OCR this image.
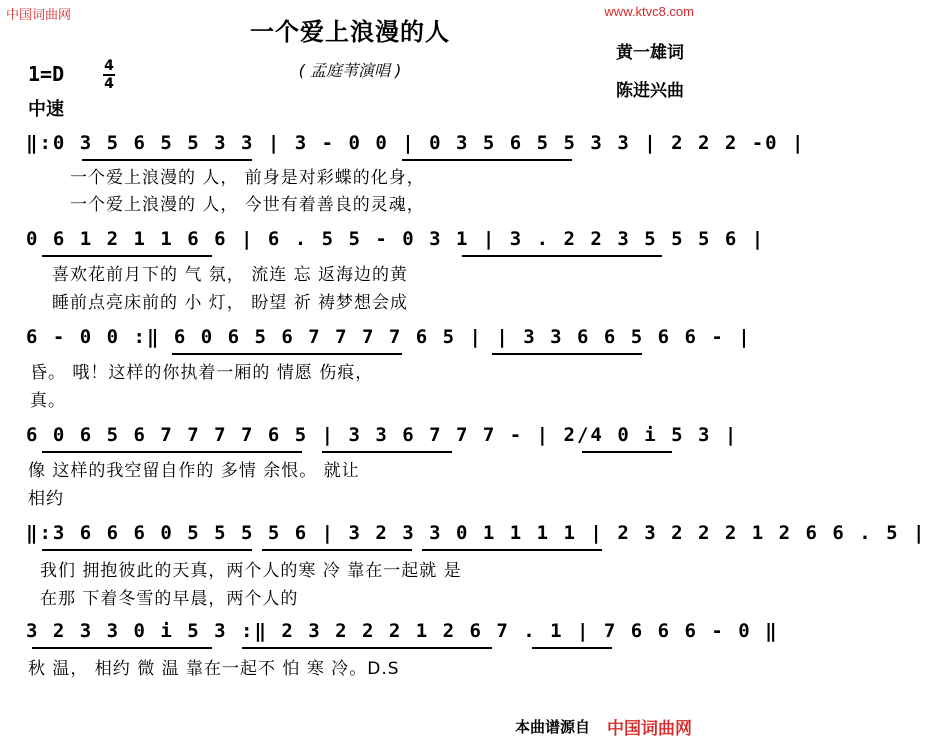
中国词曲网	www.ktvc8.com
一个爱上浪漫的人
( 孟庭苇演唱 )
黄一雄词
陈进兴曲
1=D	4
4
中速
‖:0 3 5 6 5 5 3 3 | 3 - 0 0 | 0 3 5 6 5 5 3 3 | 2 2 2 -0 |
一个爱上浪漫的 人， 前身是对彩蝶的化身，
一个爱上浪漫的 人， 今世有着善良的灵魂，
0 6 1 2 1 1 6 6 | 6 . 5 5 - 0 3 1 | 3 . 2 2 3 5 5 5 6 |
喜欢花前月下的 气 氛， 流连 忘 返海边的黄
睡前点亮床前的 小 灯， 盼望 祈 祷梦想会成
6 - 0 0 :‖ 6 0 6 5 6 7 7 7 7 6 5 | | 3 3 6 6 5 6 6 - |
昏。 哦！这样的你执着一厢的 情愿 伤痕，
真。
6 0 6 5 6 7 7 7 7 6 5 | 3 3 6 7 7 7 - | 2/4 0 i 5 3 |
像 这样的我空留自作的 多情 余恨。 就让
相约
‖:3 6 6 6 0 5 5 5 5 6 | 3 2 3 3 0 1 1 1 1 | 2 3 2 2 2 1 2 6 6 . 5 |
我们 拥抱彼此的天真，两个人的寒 冷 靠在一起就 是
在那 下着冬雪的早晨，两个人的
3 2 3 3 0 i 5 3 :‖ 2 3 2 2 2 1 2 6 7 . 1 | 7 6 6 6 - 0 ‖
秋 温， 相约 微 温 靠在一起不 怕 寒 冷。D.S
本曲谱源自 中国词曲网
